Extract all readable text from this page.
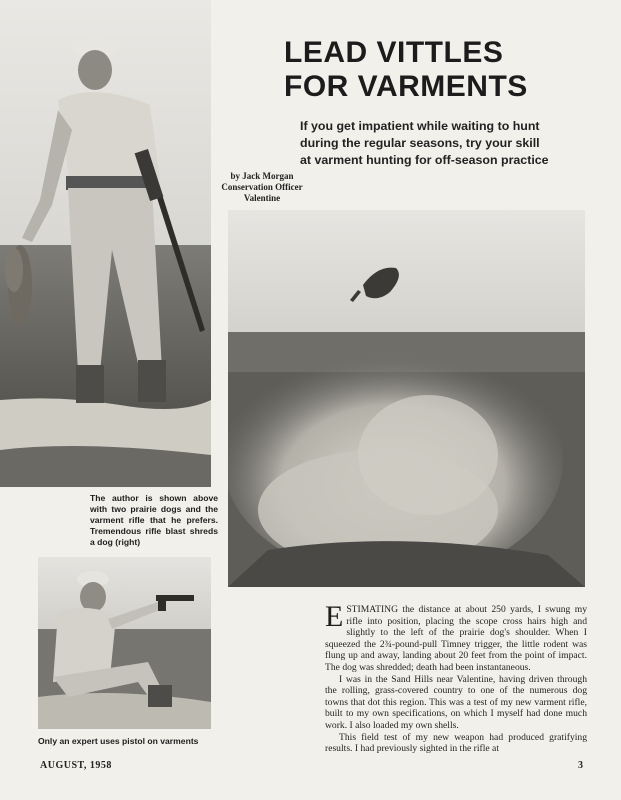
LEAD VITTLES
FOR VARMENTS
If you get impatient while waiting to hunt
during the regular seasons, try your skill
at varment hunting for off-season practice
by Jack Morgan
Conservation Officer
Valentine
The author is shown above with two prairie dogs and the varment rifle that he prefers. Tremendous rifle blast shreds a dog (right)
Only an expert uses pistol on varments

ESTIMATING the distance at about 250 yards, I swung my rifle into position, placing the scope cross hairs high and slightly to the left of the prairie dog's shoulder. When I squeezed the 2¾-pound-pull Timney trigger, the little rodent was flung up and away, landing about 20 feet from the point of impact. The dog was shredded; death had been instantaneous.

I was in the Sand Hills near Valentine, having driven through the rolling, grass-covered country to one of the numerous dog towns that dot this region. This was a test of my new varment rifle, built to my own specifications, on which I myself had done much work. I also loaded my own shells.

This field test of my new weapon had produced gratifying results. I had previously sighted in the rifle at

AUGUST, 1958	3
